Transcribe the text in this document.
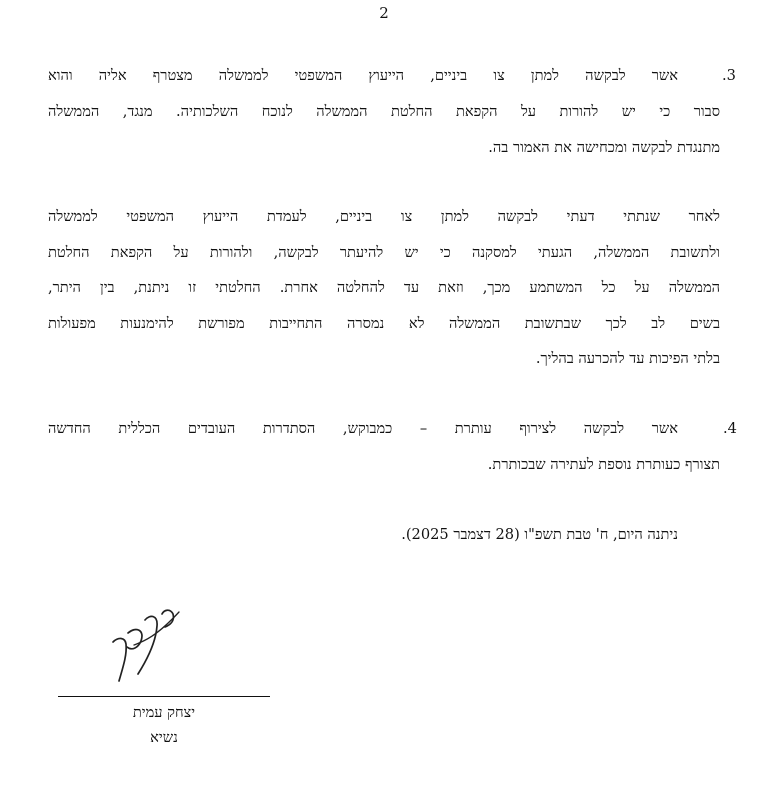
2
.3
אשר לבקשה למתן צו ביניים, הייעוץ המשפטי לממשלה מצטרף אליה והוא
סבור כי יש להורות על הקפאת החלטת הממשלה לנוכח השלכותיה. מנגד, הממשלה
מתנגדת לבקשה ומכחישה את האמור בה.
לאחר שנתתי דעתי לבקשה למתן צו ביניים, לעמדת הייעוץ המשפטי לממשלה
ולתשובת הממשלה, הגעתי למסקנה כי יש להיעתר לבקשה, ולהורות על הקפאת החלטת
הממשלה על כל המשתמע מכך, וזאת עד להחלטה אחרת. החלטתי זו ניתנת, בין היתר,
בשים לב לכך שבתשובת הממשלה לא נמסרה התחייבות מפורשת להימנעות מפעולות
בלתי הפיכות עד להכרעה בהליך.
.4
אשר לבקשה לצירוף עותרת – כמבוקש, הסתדרות העובדים הכללית החדשה
תצורף כעותרת נוספת לעתירה שבכותרת.
ניתנה היום, ח' טבת תשפ"ו (28 דצמבר 2025).
יצחק עמית
נשיא
